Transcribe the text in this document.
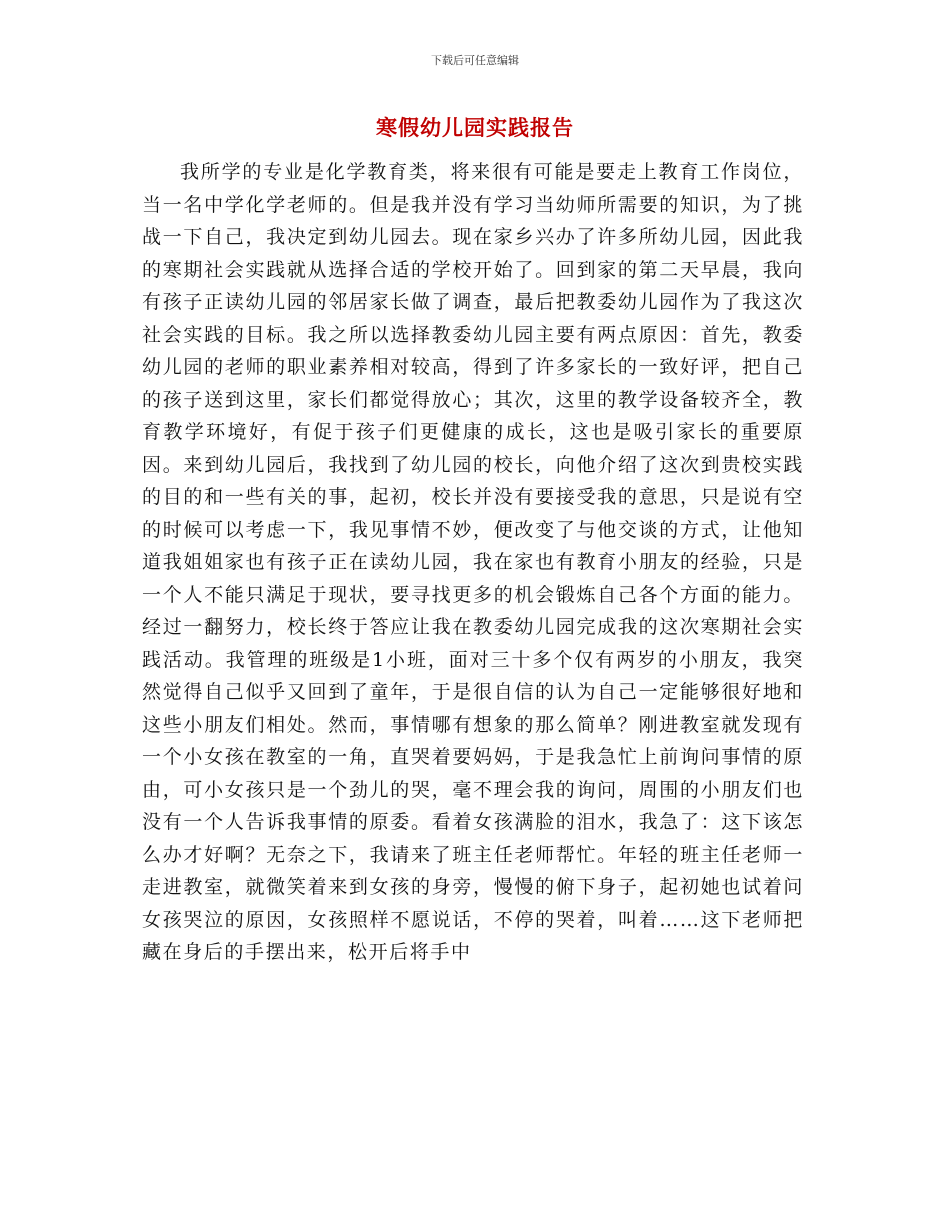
下载后可任意编辑
寒假幼儿园实践报告

我所学的专业是化学教育类，将来很有可能是要走上教育工作岗位，当一名中学化学老师的。但是我并没有学习当幼师所需要的知识，为了挑战一下自己，我决定到幼儿园去。现在家乡兴办了许多所幼儿园，因此我的寒期社会实践就从选择合适的学校开始了。回到家的第二天早晨，我向有孩子正读幼儿园的邻居家长做了调查，最后把教委幼儿园作为了我这次社会实践的目标。我之所以选择教委幼儿园主要有两点原因：首先，教委幼儿园的老师的职业素养相对较高，得到了许多家长的一致好评，把自己的孩子送到这里，家长们都觉得放心；其次，这里的教学设备较齐全，教育教学环境好，有促于孩子们更健康的成长，这也是吸引家长的重要原因。来到幼儿园后，我找到了幼儿园的校长，向他介绍了这次到贵校实践的目的和一些有关的事，起初，校长并没有要接受我的意思，只是说有空的时候可以考虑一下，我见事情不妙，便改变了与他交谈的方式，让他知道我姐姐家也有孩子正在读幼儿园，我在家也有教育小朋友的经验，只是一个人不能只满足于现状，要寻找更多的机会锻炼自己各个方面的能力。经过一翻努力，校长终于答应让我在教委幼儿园完成我的这次寒期社会实践活动。我管理的班级是1小班，面对三十多个仅有两岁的小朋友，我突然觉得自己似乎又回到了童年，于是很自信的认为自己一定能够很好地和这些小朋友们相处。然而，事情哪有想象的那么简单？刚进教室就发现有一个小女孩在教室的一角，直哭着要妈妈，于是我急忙上前询问事情的原由，可小女孩只是一个劲儿的哭，毫不理会我的询问，周围的小朋友们也没有一个人告诉我事情的原委。看着女孩满脸的泪水，我急了：这下该怎么办才好啊？无奈之下，我请来了班主任老师帮忙。年轻的班主任老师一走进教室，就微笑着来到女孩的身旁，慢慢的俯下身子，起初她也试着问女孩哭泣的原因，女孩照样不愿说话，不停的哭着，叫着……这下老师把藏在身后的手摆出来，松开后将手中
